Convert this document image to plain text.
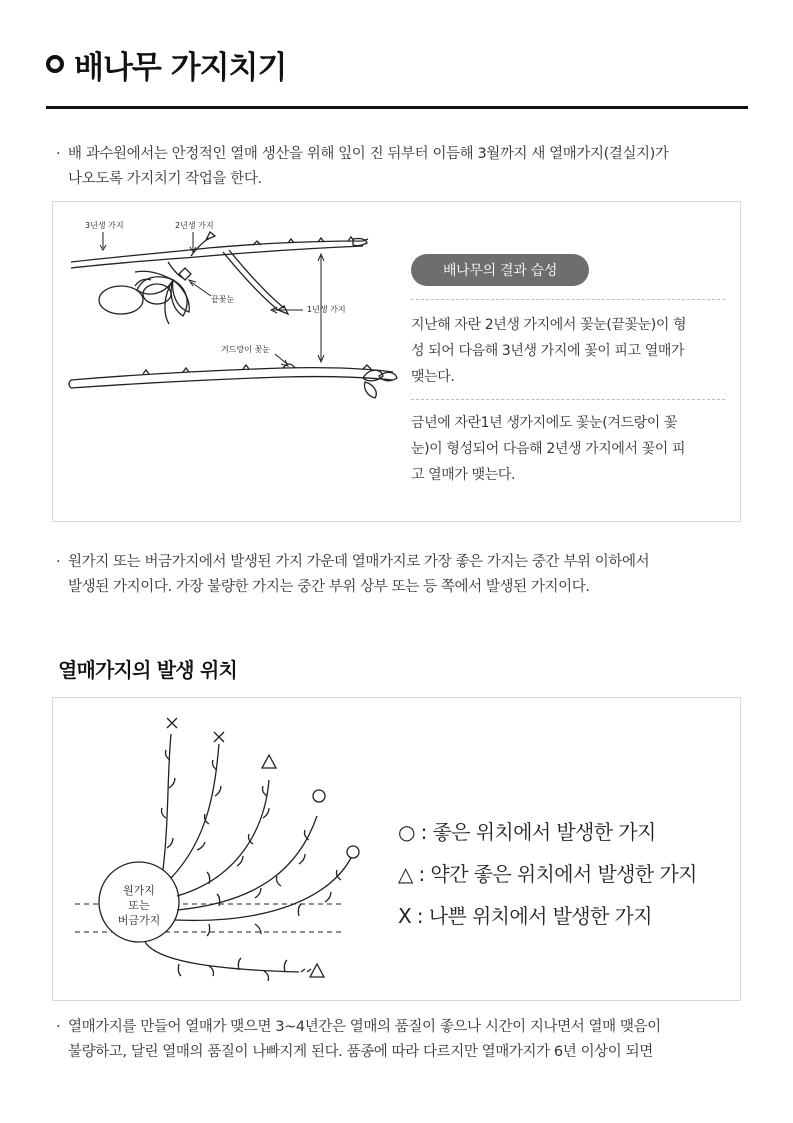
배나무 가지치기
· 배 과수원에서는 안정적인 열매 생산을 위해 잎이 진 뒤부터 이듬해 3월까지 새 열매가지(결실지)가
나오도록 가지치기 작업을 한다.
3년생 가지	2년생 가지
끝꽃눈
1년생 가지
겨드랑이 꽃눈
배나무의 결과 습성
지난해 자란 2년생 가지에서 꽃눈(끝꽃눈)이 형
성 되어 다음해 3년생 가지에 꽃이 피고 열매가
맺는다.
금년에 자란1년 생가지에도 꽃눈(겨드랑이 꽃
눈)이 형성되어 다음해 2년생 가지에서 꽃이 피
고 열매가 맺는다.
· 원가지 또는 버금가지에서 발생된 가지 가운데 열매가지로 가장 좋은 가지는 중간 부위 이하에서
발생된 가지이다. 가장 불량한 가지는 중간 부위 상부 또는 등 쪽에서 발생된 가지이다.
열매가지의 발생 위치
원가지
또는
버금가지
○ : 좋은 위치에서 발생한 가지
△ : 약간 좋은 위치에서 발생한 가지
X : 나쁜 위치에서 발생한 가지
· 열매가지를 만들어 열매가 맺으면 3~4년간은 열매의 품질이 좋으나 시간이 지나면서 열매 맺음이
불량하고, 달린 열매의 품질이 나빠지게 된다. 품종에 따라 다르지만 열매가지가 6년 이상이 되면
